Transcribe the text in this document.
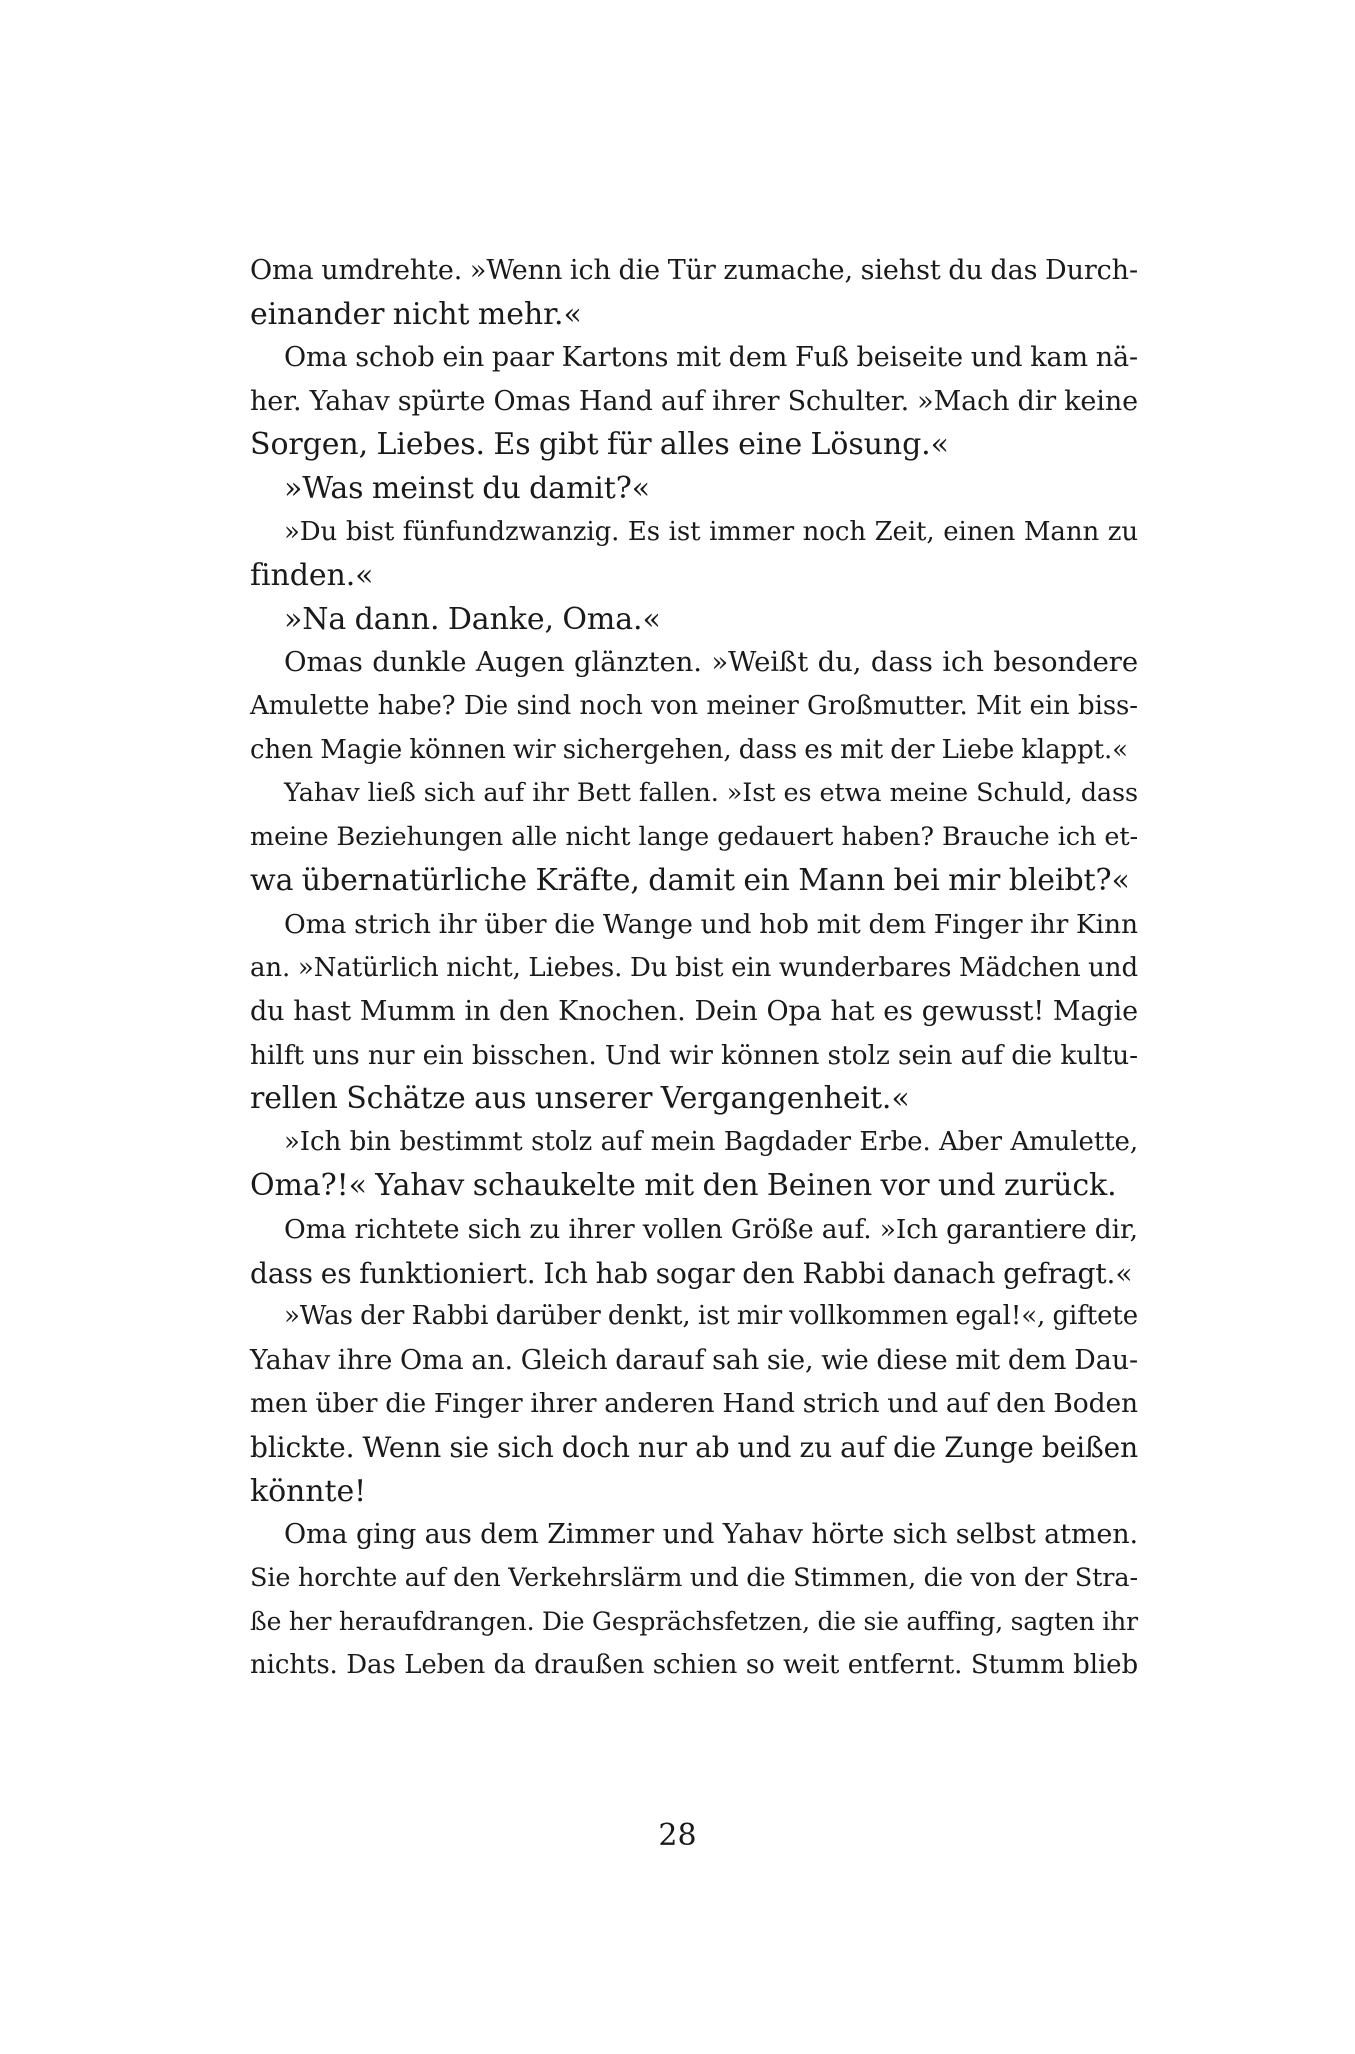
Oma umdrehte. »Wenn ich die Tür zumache, siehst du das Durch-
einander nicht mehr.«
Oma schob ein paar Kartons mit dem Fuß beiseite und kam nä-
her. Yahav spürte Omas Hand auf ihrer Schulter. »Mach dir keine
Sorgen, Liebes. Es gibt für alles eine Lösung.«
»Was meinst du damit?«
»Du bist fünfundzwanzig. Es ist immer noch Zeit, einen Mann zu
finden.«
»Na dann. Danke, Oma.«
Omas dunkle Augen glänzten. »Weißt du, dass ich besondere
Amulette habe? Die sind noch von meiner Großmutter. Mit ein biss-
chen Magie können wir sichergehen, dass es mit der Liebe klappt.«
Yahav ließ sich auf ihr Bett fallen. »Ist es etwa meine Schuld, dass
meine Beziehungen alle nicht lange gedauert haben? Brauche ich et-
wa übernatürliche Kräfte, damit ein Mann bei mir bleibt?«
Oma strich ihr über die Wange und hob mit dem Finger ihr Kinn
an. »Natürlich nicht, Liebes. Du bist ein wunderbares Mädchen und
du hast Mumm in den Knochen. Dein Opa hat es gewusst! Magie
hilft uns nur ein bisschen. Und wir können stolz sein auf die kultu-
rellen Schätze aus unserer Vergangenheit.«
»Ich bin bestimmt stolz auf mein Bagdader Erbe. Aber Amulette,
Oma?!« Yahav schaukelte mit den Beinen vor und zurück.
Oma richtete sich zu ihrer vollen Größe auf. »Ich garantiere dir,
dass es funktioniert. Ich hab sogar den Rabbi danach gefragt.«
»Was der Rabbi darüber denkt, ist mir vollkommen egal!«, giftete
Yahav ihre Oma an. Gleich darauf sah sie, wie diese mit dem Dau-
men über die Finger ihrer anderen Hand strich und auf den Boden
blickte. Wenn sie sich doch nur ab und zu auf die Zunge beißen
könnte!
Oma ging aus dem Zimmer und Yahav hörte sich selbst atmen.
Sie horchte auf den Verkehrslärm und die Stimmen, die von der Stra-
ße her heraufdrangen. Die Gesprächsfetzen, die sie auffing, sagten ihr
nichts. Das Leben da draußen schien so weit entfernt. Stumm blieb
28
